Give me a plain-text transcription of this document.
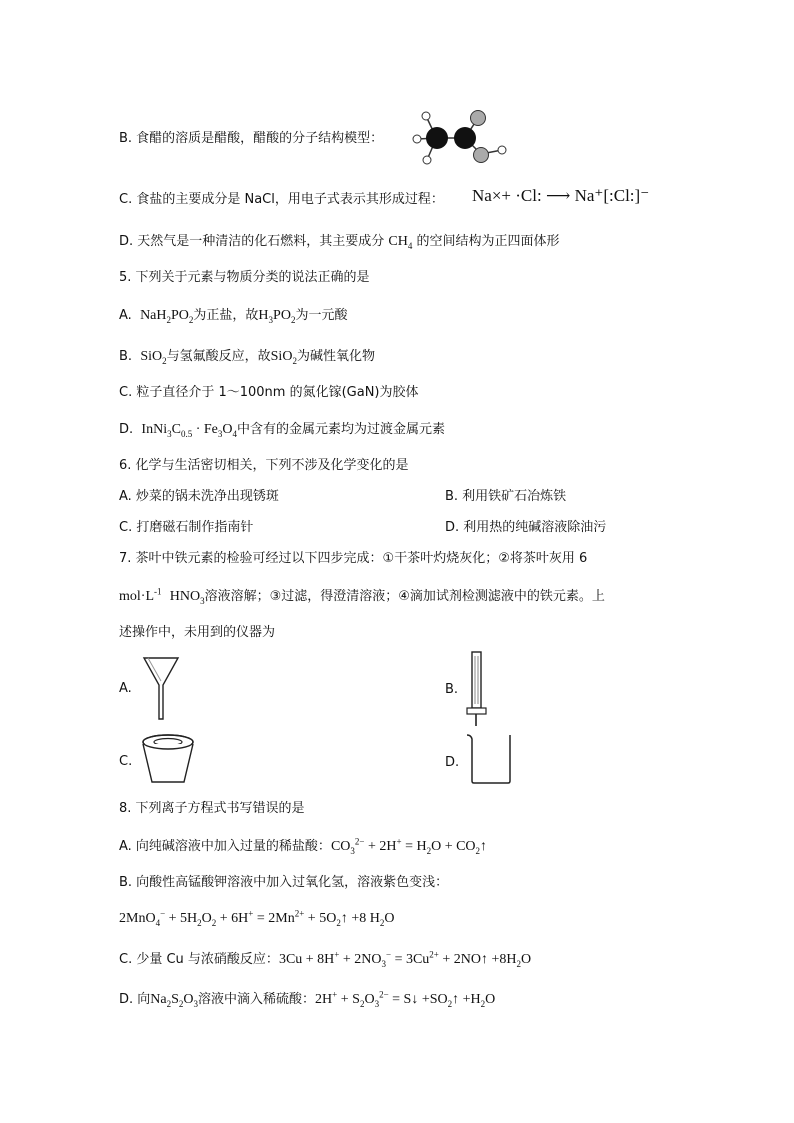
B. 食醋的溶质是醋酸，醋酸的分子结构模型：
C. 食盐的主要成分是 NaCl，用电子式表示其形成过程： Na×+ ·Cl: ⟶ Na⁺[:Cl:]⁻
D. 天然气是一种清洁的化石燃料，其主要成分 $CH_4$ 的空间结构为正四面体形
5. 下列关于元素与物质分类的说法正确的是
A. $NaH_2PO_2$为正盐，故$H_3PO_2$为一元酸
B. SiO$_2$与氢氟酸反应，故SiO$_2$为碱性氧化物
C. 粒子直径介于 1～100nm 的氮化镓(GaN)为胶体
D. $InNi_3C_{0.5} \cdot Fe_3O_4$中含有的金属元素均为过渡金属元素
6. 化学与生活密切相关，下列不涉及化学变化的是
A. 炒菜的锅未洗净出现锈斑	B. 利用铁矿石冶炼铁
C. 打磨磁石制作指南针	D. 利用热的纯碱溶液除油污
7. 茶叶中铁元素的检验可经过以下四步完成：①干茶叶灼烧灰化；②将茶叶灰用 6
$mol\cdot L^{-1}$ $HNO_3$溶液溶解；③过滤，得澄清溶液；④滴加试剂检测滤液中的铁元素。上
述操作中，未用到的仪器为
A.	B.
C.	D.
8. 下列离子方程式书写错误的是
A. 向纯碱溶液中加入过量的稀盐酸：$CO_3^{2-} + 2H^+ = H_2O$ + $CO_2↑$
B. 向酸性高锰酸钾溶液中加入过氧化氢，溶液紫色变浅：
$2MnO_4^- + 5H_2O_2 + 6H^+ = 2Mn^{2+}$ + $5O_2↑ +8$ $H_2O$
C. 少量 Cu 与浓硝酸反应：$3Cu + 8H^+ + 2NO_3^- = 3Cu^{2+}$ + 2NO↑ $+8H_2O$
D. 向$Na_2S_2O_3$溶液中滴入稀硫酸：$2H^+ + S_2O_3^{2-}$ = S↓ $+SO_2↑ +H_2O$
